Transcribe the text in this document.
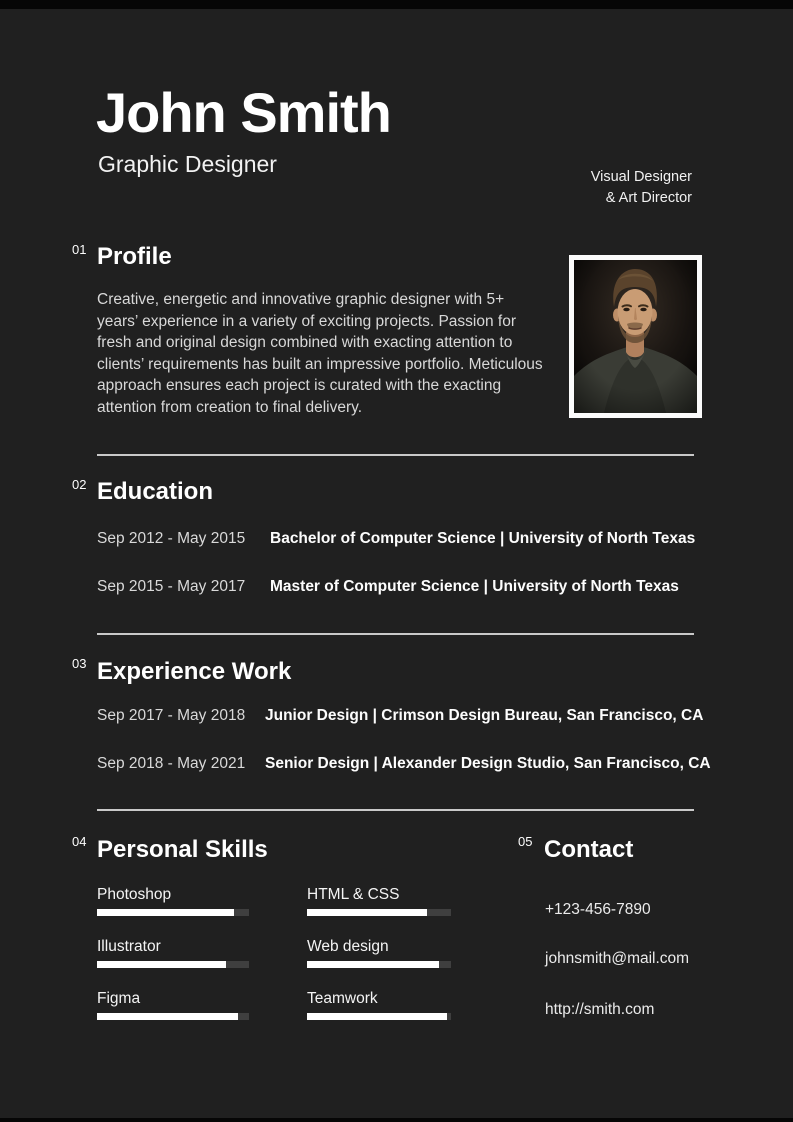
John Smith
Graphic Designer	Visual Designer
& Art Director
01 Profile
Creative, energetic and innovative graphic designer with 5+ years’ experience in a variety of exciting projects. Passion for fresh and original design combined with exacting attention to clients’ requirements has built an impressive portfolio. Meticulous approach ensures each project is curated with the exacting attention from creation to final delivery.
02 Education
Sep 2012 - May 2015 Bachelor of Computer Science | University of North Texas
Sep 2015 - May 2017 Master of Computer Science | University of North Texas
03 Experience Work
Sep 2017 - May 2018 Junior Design | Crimson Design Bureau, San Francisco, CA
Sep 2018 - May 2021 Senior Design | Alexander Design Studio, San Francisco, CA
04 Personal Skills
Photoshop
Illustrator
Figma
HTML & CSS
Web design
Teamwork
05 Contact
+123-456-7890
johnsmith@mail.com
http://smith.com
